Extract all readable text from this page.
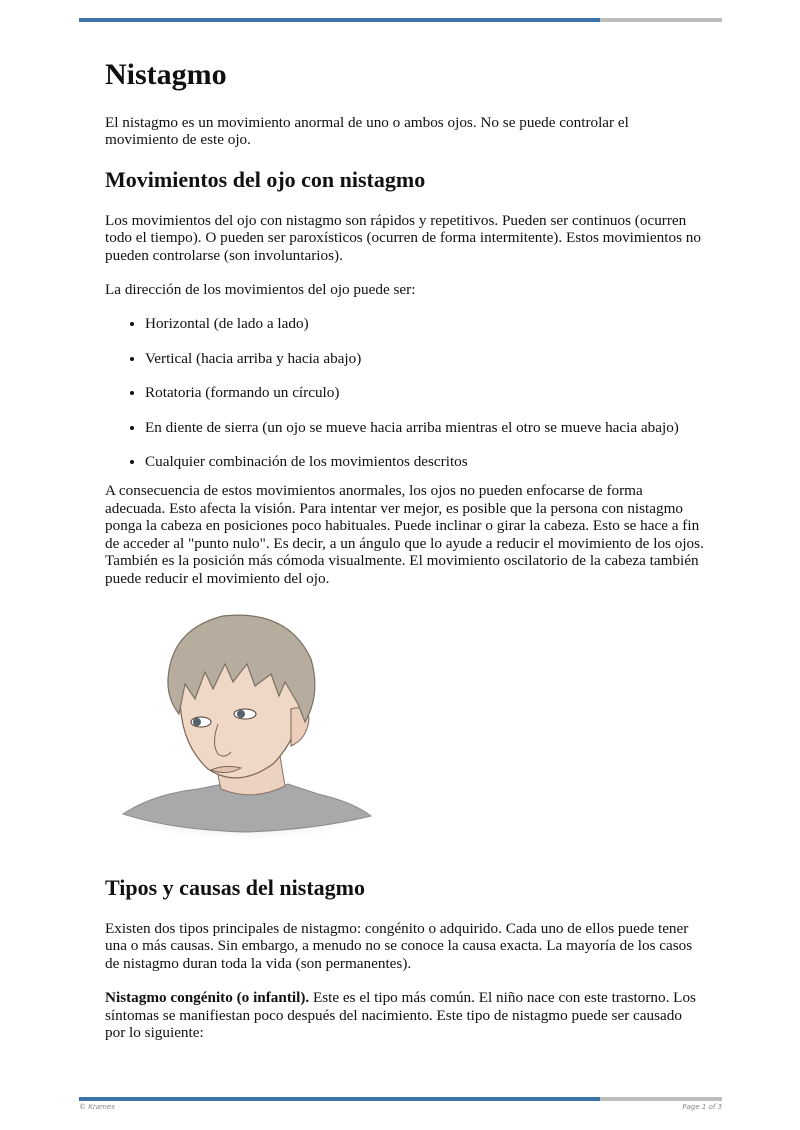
Nistagmo

El nistagmo es un movimiento anormal de uno o ambos ojos. No se puede controlar el movimiento de este ojo.

Movimientos del ojo con nistagmo

Los movimientos del ojo con nistagmo son rápidos y repetitivos. Pueden ser continuos (ocurren todo el tiempo). O pueden ser paroxísticos (ocurren de forma intermitente). Estos movimientos no pueden controlarse (son involuntarios).

La dirección de los movimientos del ojo puede ser:

• Horizontal (de lado a lado)
• Vertical (hacia arriba y hacia abajo)
• Rotatoria (formando un círculo)
• En diente de sierra (un ojo se mueve hacia arriba mientras el otro se mueve hacia abajo)
• Cualquier combinación de los movimientos descritos

A consecuencia de estos movimientos anormales, los ojos no pueden enfocarse de forma adecuada. Esto afecta la visión. Para intentar ver mejor, es posible que la persona con nistagmo ponga la cabeza en posiciones poco habituales. Puede inclinar o girar la cabeza. Esto se hace a fin de acceder al "punto nulo". Es decir, a un ángulo que lo ayude a reducir el movimiento de los ojos. También es la posición más cómoda visualmente. El movimiento oscilatorio de la cabeza también puede reducir el movimiento del ojo.

Tipos y causas del nistagmo

Existen dos tipos principales de nistagmo: congénito o adquirido. Cada uno de ellos puede tener una o más causas. Sin embargo, a menudo no se conoce la causa exacta. La mayoría de los casos de nistagmo duran toda la vida (son permanentes).

Nistagmo congénito (o infantil). Este es el tipo más común. El niño nace con este trastorno. Los síntomas se manifiestan poco después del nacimiento. Este tipo de nistagmo puede ser causado por lo siguiente:

© Krames	Page 1 of 3
